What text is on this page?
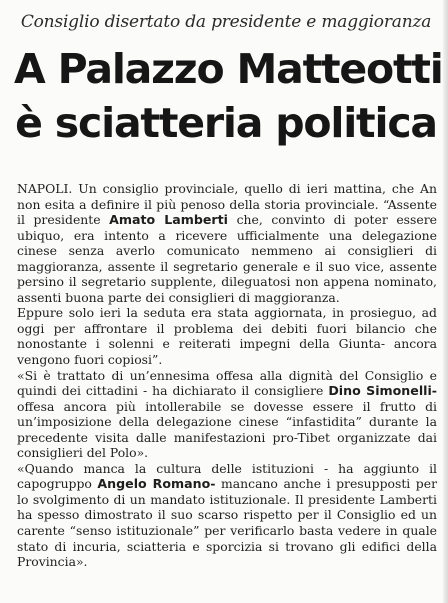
Consiglio disertato da presidente e maggioranza
A Palazzo Matteotti
è sciatteria politica

NAPOLI. Un consiglio provinciale, quello di ieri mattina, che An non esita a definire il più penoso della storia provinciale. “Assente il presidente Amato Lamberti che, convinto di poter essere ubiquo, era intento a ricevere ufficialmente una delegazione cinese senza averlo comunicato nemmeno ai consiglieri di maggioranza, assente il segretario generale e il suo vice, assente persino il segretario supplente, dileguatosi non appena nominato, assenti buona parte dei consiglieri di maggioranza.

Eppure solo ieri la seduta era stata aggiornata, in prosieguo, ad oggi per affrontare il problema dei debiti fuori bilancio che nonostante i solenni e reiterati impegni della Giunta- ancora vengono fuori copiosi”.

«Si è trattato di un’ennesima offesa alla dignità del Consiglio e quindi dei cittadini - ha dichiarato il consigliere Dino Simonelli- offesa ancora più intollerabile se dovesse essere il frutto di un’imposizione della delegazione cinese “infastidita” durante la precedente visita dalle manifestazioni pro-Tibet organizzate dai consiglieri del Polo».

«Quando manca la cultura delle istituzioni - ha aggiunto il capogruppo Angelo Romano- mancano anche i presupposti per lo svolgimento di un mandato istituzionale. Il presidente Lamberti ha spesso dimostrato il suo scarso rispetto per il Consiglio ed un carente “senso istituzionale” per verificarlo basta vedere in quale stato di incuria, sciatteria e sporcizia si trovano gli edifici della Provincia».
